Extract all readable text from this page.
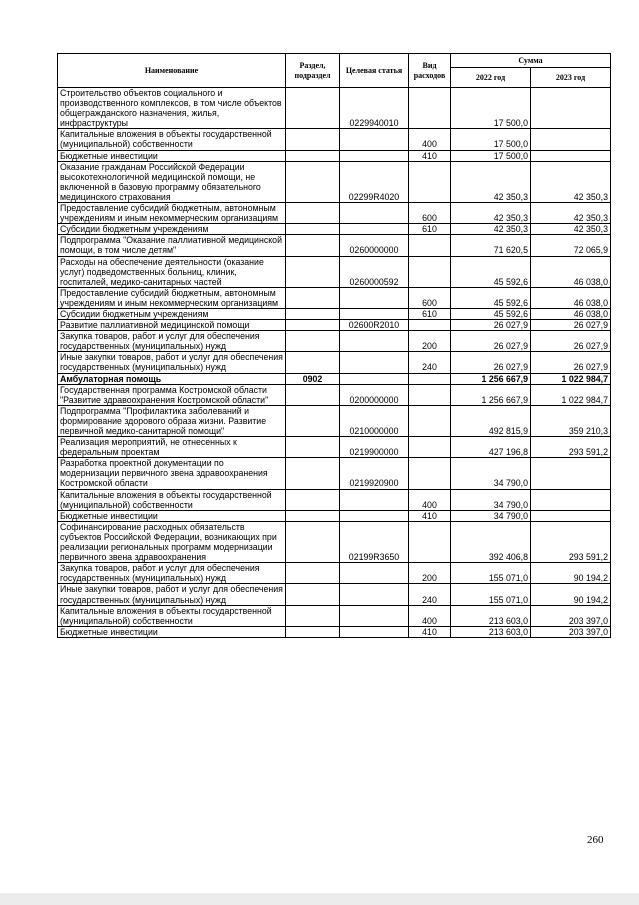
Наименование	Раздел, подраздел	Целевая статья	Вид расходов	Сумма	
				2022 год	2023 год
Строительство объектов социального и производственного комплексов, в том числе объектов общегражданского назначения, жилья, инфраструктуры		0229940010		17 500,0	
Капитальные вложения в объекты государственной (муниципальной) собственности			400	17 500,0	
Бюджетные инвестиции			410	17 500,0	
Оказание гражданам Российской Федерации высокотехнологичной медицинской помощи, не включенной в базовую программу обязательного медицинского страхования		02299R4020		42 350,3	42 350,3
Предоставление субсидий бюджетным, автономным учреждениям и иным некоммерческим организациям			600	42 350,3	42 350,3
Субсидии бюджетным учреждениям			610	42 350,3	42 350,3
Подпрограмма "Оказание паллиативной медицинской помощи, в том числе детям"		0260000000		71 620,5	72 065,9
Расходы на обеспечение деятельности (оказание услуг) подведомственных больниц, клиник, госпиталей, медико-санитарных частей		0260000592		45 592,6	46 038,0
Предоставление субсидий бюджетным, автономным учреждениям и иным некоммерческим организациям			600	45 592,6	46 038,0
Субсидии бюджетным учреждениям			610	45 592,6	46 038,0
Развитие паллиативной медицинской помощи		02600R2010		26 027,9	26 027,9
Закупка товаров, работ и услуг для обеспечения государственных (муниципальных) нужд			200	26 027,9	26 027,9
Иные закупки товаров, работ и услуг для обеспечения государственных (муниципальных) нужд			240	26 027,9	26 027,9
Амбулаторная помощь	0902			1 256 667,9	1 022 984,7
Государственная программа Костромской области "Развитие здравоохранения Костромской области"		0200000000		1 256 667,9	1 022 984,7
Подпрограмма "Профилактика заболеваний и формирование здорового образа жизни. Развитие первичной медико-санитарной помощи"		0210000000		492 815,9	359 210,3
Реализация мероприятий, не отнесенных к федеральным проектам		0219900000		427 196,8	293 591,2
Разработка проектной документации по модернизации первичного звена здравоохранения Костромской области		0219920900		34 790,0	
Капитальные вложения в объекты государственной (муниципальной) собственности			400	34 790,0	
Бюджетные инвестиции			410	34 790,0	
Софинансирование расходных обязательств субъектов Российской Федерации, возникающих при реализации региональных программ модернизации первичного звена здравоохранения		02199R3650		392 406,8	293 591,2
Закупка товаров, работ и услуг для обеспечения государственных (муниципальных) нужд			200	155 071,0	90 194,2
Иные закупки товаров, работ и услуг для обеспечения государственных (муниципальных) нужд			240	155 071,0	90 194,2
Капитальные вложения в объекты государственной (муниципальной) собственности			400	213 603,0	203 397,0
Бюджетные инвестиции			410	213 603,0	203 397,0
260
